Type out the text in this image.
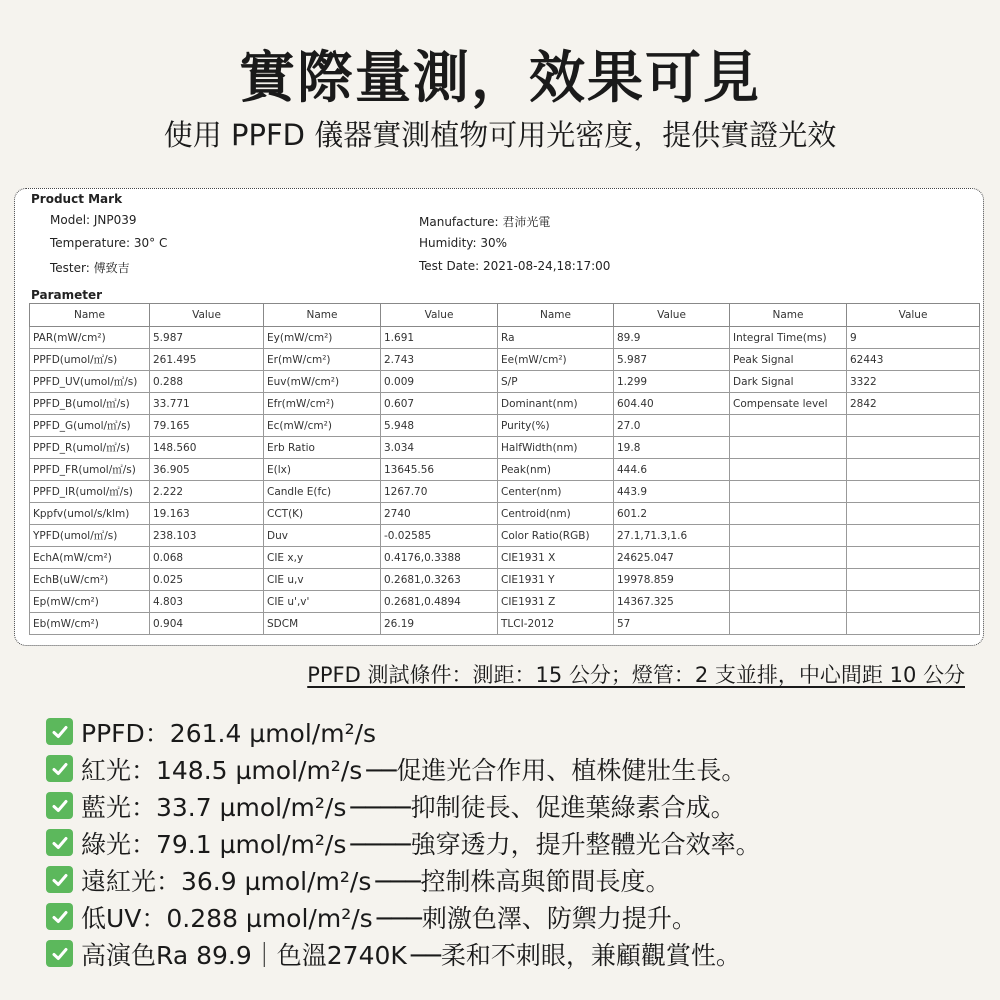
實際量測，效果可見
使用 PPFD 儀器實測植物可用光密度，提供實證光效
Product Mark
Model: JNP039
Temperature: 30° C
Tester: 傅致吉
Manufacture: 君沛光電
Humidity: 30%
Test Date: 2021-08-24,18:17:00
Parameter
Name	Value	Name	Value	Name	Value	Name	Value
PAR(mW/cm²)	5.987	Ey(mW/cm²)	1.691	Ra	89.9	Integral Time(ms)	9
PPFD(umol/㎡/s)	261.495	Er(mW/cm²)	2.743	Ee(mW/cm²)	5.987	Peak Signal	62443
PPFD_UV(umol/㎡/s)	0.288	Euv(mW/cm²)	0.009	S/P	1.299	Dark Signal	3322
PPFD_B(umol/㎡/s)	33.771	Efr(mW/cm²)	0.607	Dominant(nm)	604.40	Compensate level	2842
PPFD_G(umol/㎡/s)	79.165	Ec(mW/cm²)	5.948	Purity(%)	27.0		
PPFD_R(umol/㎡/s)	148.560	Erb Ratio	3.034	HalfWidth(nm)	19.8		
PPFD_FR(umol/㎡/s)	36.905	E(lx)	13645.56	Peak(nm)	444.6		
PPFD_IR(umol/㎡/s)	2.222	Candle E(fc)	1267.70	Center(nm)	443.9		
Kppfv(umol/s/klm)	19.163	CCT(K)	2740	Centroid(nm)	601.2		
YPFD(umol/㎡/s)	238.103	Duv	-0.02585	Color Ratio(RGB)	27.1,71.3,1.6		
EchA(mW/cm²)	0.068	CIE x,y	0.4176,0.3388	CIE1931 X	24625.047		
EchB(uW/cm²)	0.025	CIE u,v	0.2681,0.3263	CIE1931 Y	19978.859		
Ep(mW/cm²)	4.803	CIE u',v'	0.2681,0.4894	CIE1931 Z	14367.325		
Eb(mW/cm²)	0.904	SDCM	26.19	TLCI-2012	57		
PPFD 測試條件：測距：15 公分；燈管：2 支並排，中心間距 10 公分
PPFD：261.4 µmol/m²/s
紅光：148.5 µmol/m²/s ──促進光合作用、植株健壯生長。
藍光：33.7 µmol/m²/s ────抑制徒長、促進葉綠素合成。
綠光：79.1 µmol/m²/s ────強穿透力，提升整體光合效率。
遠紅光：36.9 µmol/m²/s ───控制株高與節間長度。
低UV：0.288 µmol/m²/s ───刺激色澤、防禦力提升。
高演色Ra 89.9｜色溫2740K ──柔和不刺眼，兼顧觀賞性。
